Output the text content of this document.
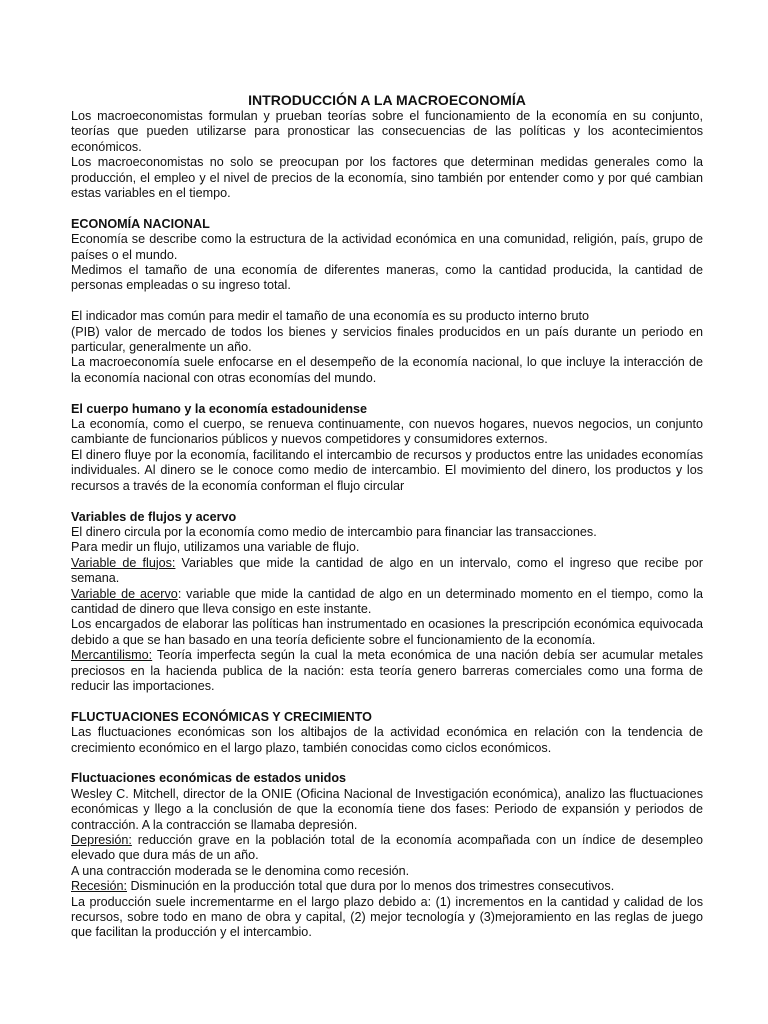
INTRODUCCIÓN A LA MACROECONOMÍA

Los macroeconomistas formulan y prueban teorías sobre el funcionamiento de la economía en su conjunto, teorías que pueden utilizarse para pronosticar las consecuencias de las políticas y los acontecimientos económicos.

Los macroeconomistas no solo se preocupan por los factores que determinan medidas generales como la producción, el empleo y el nivel de precios de la economía, sino también por entender como y por qué cambian estas variables en el tiempo.

ECONOMÍA NACIONAL

Economía se describe como la estructura de la actividad económica en una comunidad, religión, país, grupo de países o el mundo.

Medimos el tamaño de una economía de diferentes maneras, como la cantidad producida, la cantidad de personas empleadas o su ingreso total.

El indicador mas común para medir el tamaño de una economía es su producto interno bruto

(PIB) valor de mercado de todos los bienes y servicios finales producidos en un país durante un periodo en particular, generalmente un año.

La macroeconomía suele enfocarse en el desempeño de la economía nacional, lo que incluye la interacción de la economía nacional con otras economías del mundo.

El cuerpo humano y la economía estadounidense

La economía, como el cuerpo, se renueva continuamente, con nuevos hogares, nuevos negocios, un conjunto cambiante de funcionarios públicos y nuevos competidores y consumidores externos.

El dinero fluye por la economía, facilitando el intercambio de recursos y productos entre las unidades economías individuales. Al dinero se le conoce como medio de intercambio. El movimiento del dinero, los productos y los recursos a través de la economía conforman el flujo circular

Variables de flujos y acervo

El dinero circula por la economía como medio de intercambio para financiar las transacciones.

Para medir un flujo, utilizamos una variable de flujo.

Variable de flujos: Variables que mide la cantidad de algo en un intervalo, como el ingreso que recibe por semana.

Variable de acervo: variable que mide la cantidad de algo en un determinado momento en el tiempo, como la cantidad de dinero que lleva consigo en este instante.

Los encargados de elaborar las políticas han instrumentado en ocasiones la prescripción económica equivocada debido a que se han basado en una teoría deficiente sobre el funcionamiento de la economía.

Mercantilismo: Teoría imperfecta según la cual la meta económica de una nación debía ser acumular metales preciosos en la hacienda publica de la nación: esta teoría genero barreras comerciales como una forma de reducir las importaciones.

FLUCTUACIONES ECONÓMICAS Y CRECIMIENTO

Las fluctuaciones económicas son los altibajos de la actividad económica en relación con la tendencia de crecimiento económico en el largo plazo, también conocidas como ciclos económicos.

Fluctuaciones económicas de estados unidos

Wesley C. Mitchell, director de la ONIE (Oficina Nacional de Investigación económica), analizo las fluctuaciones económicas y llego a la conclusión de que la economía tiene dos fases: Periodo de expansión y periodos de contracción. A la contracción se llamaba depresión.

Depresión: reducción grave en la población total de la economía acompañada con un índice de desempleo elevado que dura más de un año.

A una contracción moderada se le denomina como recesión.

Recesión: Disminución en la producción total que dura por lo menos dos trimestres consecutivos.

La producción suele incrementarme en el largo plazo debido a: (1) incrementos en la cantidad y calidad de los recursos, sobre todo en mano de obra y capital, (2) mejor tecnología y (3)mejoramiento en las reglas de juego que facilitan la producción y el intercambio.
